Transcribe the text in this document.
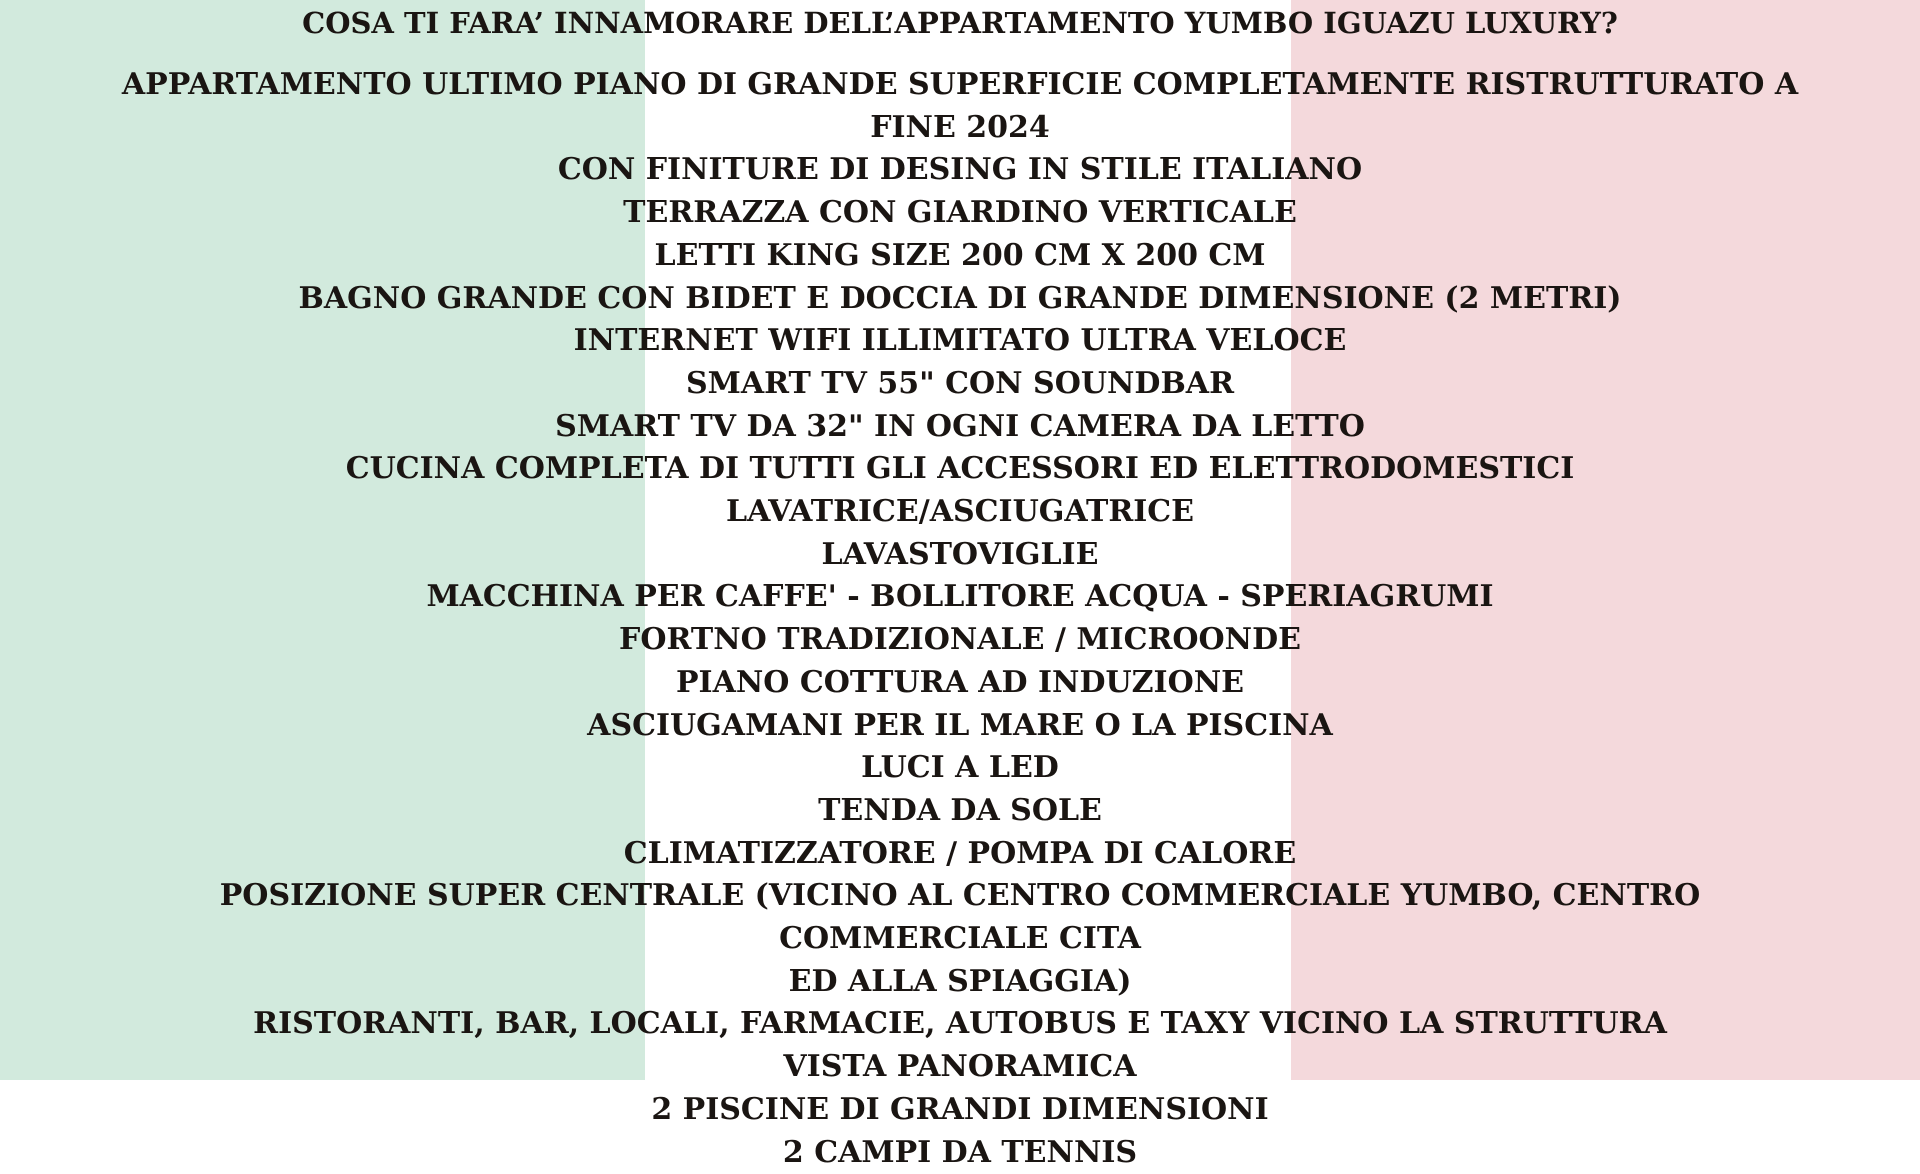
COSA TI FARA’ INNAMORARE DELL’APPARTAMENTO YUMBO IGUAZU LUXURY?
APPARTAMENTO ULTIMO PIANO DI GRANDE SUPERFICIE COMPLETAMENTE RISTRUTTURATO A FINE 2024
CON FINITURE DI DESING IN STILE ITALIANO
TERRAZZA CON GIARDINO VERTICALE
LETTI KING SIZE 200 CM X 200 CM
BAGNO GRANDE CON BIDET E DOCCIA DI GRANDE DIMENSIONE (2 METRI)
INTERNET WIFI ILLIMITATO ULTRA VELOCE
SMART TV 55" CON SOUNDBAR
SMART TV DA 32" IN OGNI CAMERA DA LETTO
CUCINA COMPLETA DI TUTTI GLI ACCESSORI ED ELETTRODOMESTICI
LAVATRICE/ASCIUGATRICE
LAVASTOVIGLIE
MACCHINA PER CAFFE' - BOLLITORE ACQUA - SPERIAGRUMI
FORTNO TRADIZIONALE / MICROONDE
PIANO COTTURA AD INDUZIONE
ASCIUGAMANI PER IL MARE O LA PISCINA
LUCI A LED
TENDA DA SOLE
CLIMATIZZATORE / POMPA DI CALORE
POSIZIONE SUPER CENTRALE (VICINO AL CENTRO COMMERCIALE YUMBO, CENTRO COMMERCIALE CITA
ED ALLA SPIAGGIA)
RISTORANTI, BAR, LOCALI, FARMACIE, AUTOBUS E TAXY VICINO LA STRUTTURA
VISTA PANORAMICA
2 PISCINE DI GRANDI DIMENSIONI
2 CAMPI DA TENNIS
